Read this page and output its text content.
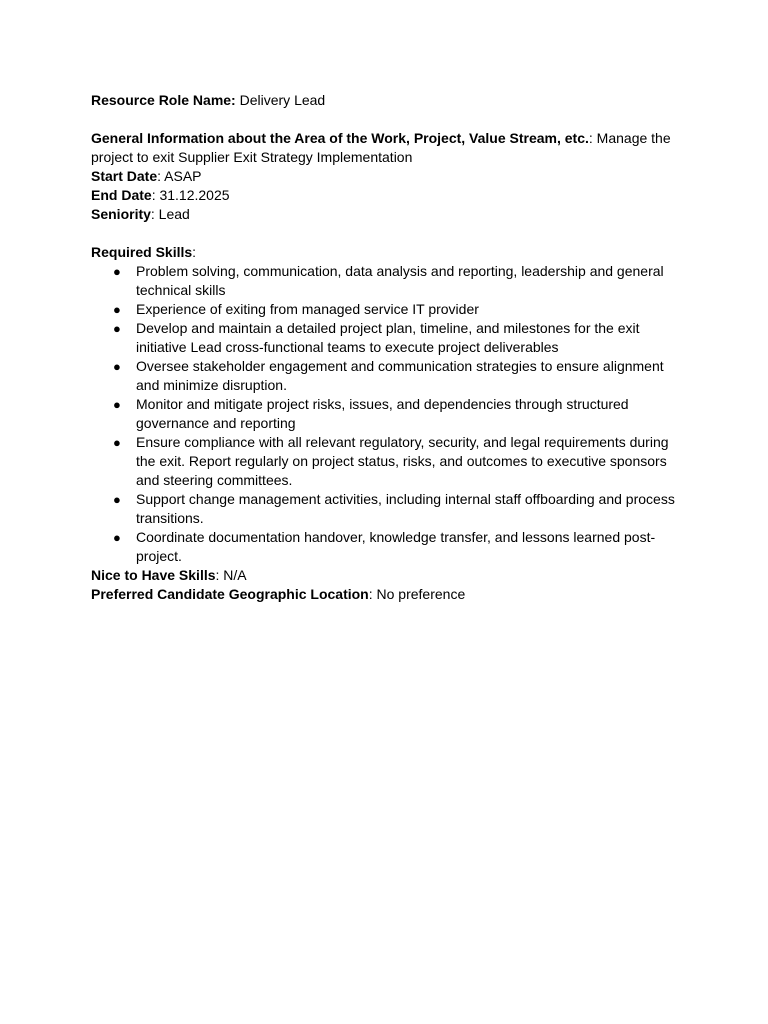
Resource Role Name: Delivery Lead

General Information about the Area of the Work, Project, Value Stream, etc.: Manage the project to exit Supplier Exit Strategy Implementation

Start Date: ASAP

End Date: 31.12.2025

Seniority: Lead

Required Skills:

● Problem solving, communication, data analysis and reporting, leadership and general technical skills
● Experience of exiting from managed service IT provider
● Develop and maintain a detailed project plan, timeline, and milestones for the exit initiative Lead cross-functional teams to execute project deliverables
● Oversee stakeholder engagement and communication strategies to ensure alignment and minimize disruption.
● Monitor and mitigate project risks, issues, and dependencies through structured governance and reporting
● Ensure compliance with all relevant regulatory, security, and legal requirements during the exit. Report regularly on project status, risks, and outcomes to executive sponsors and steering committees.
● Support change management activities, including internal staff offboarding and process transitions.
● Coordinate documentation handover, knowledge transfer, and lessons learned post-project.

Nice to Have Skills: N/A

Preferred Candidate Geographic Location: No preference
